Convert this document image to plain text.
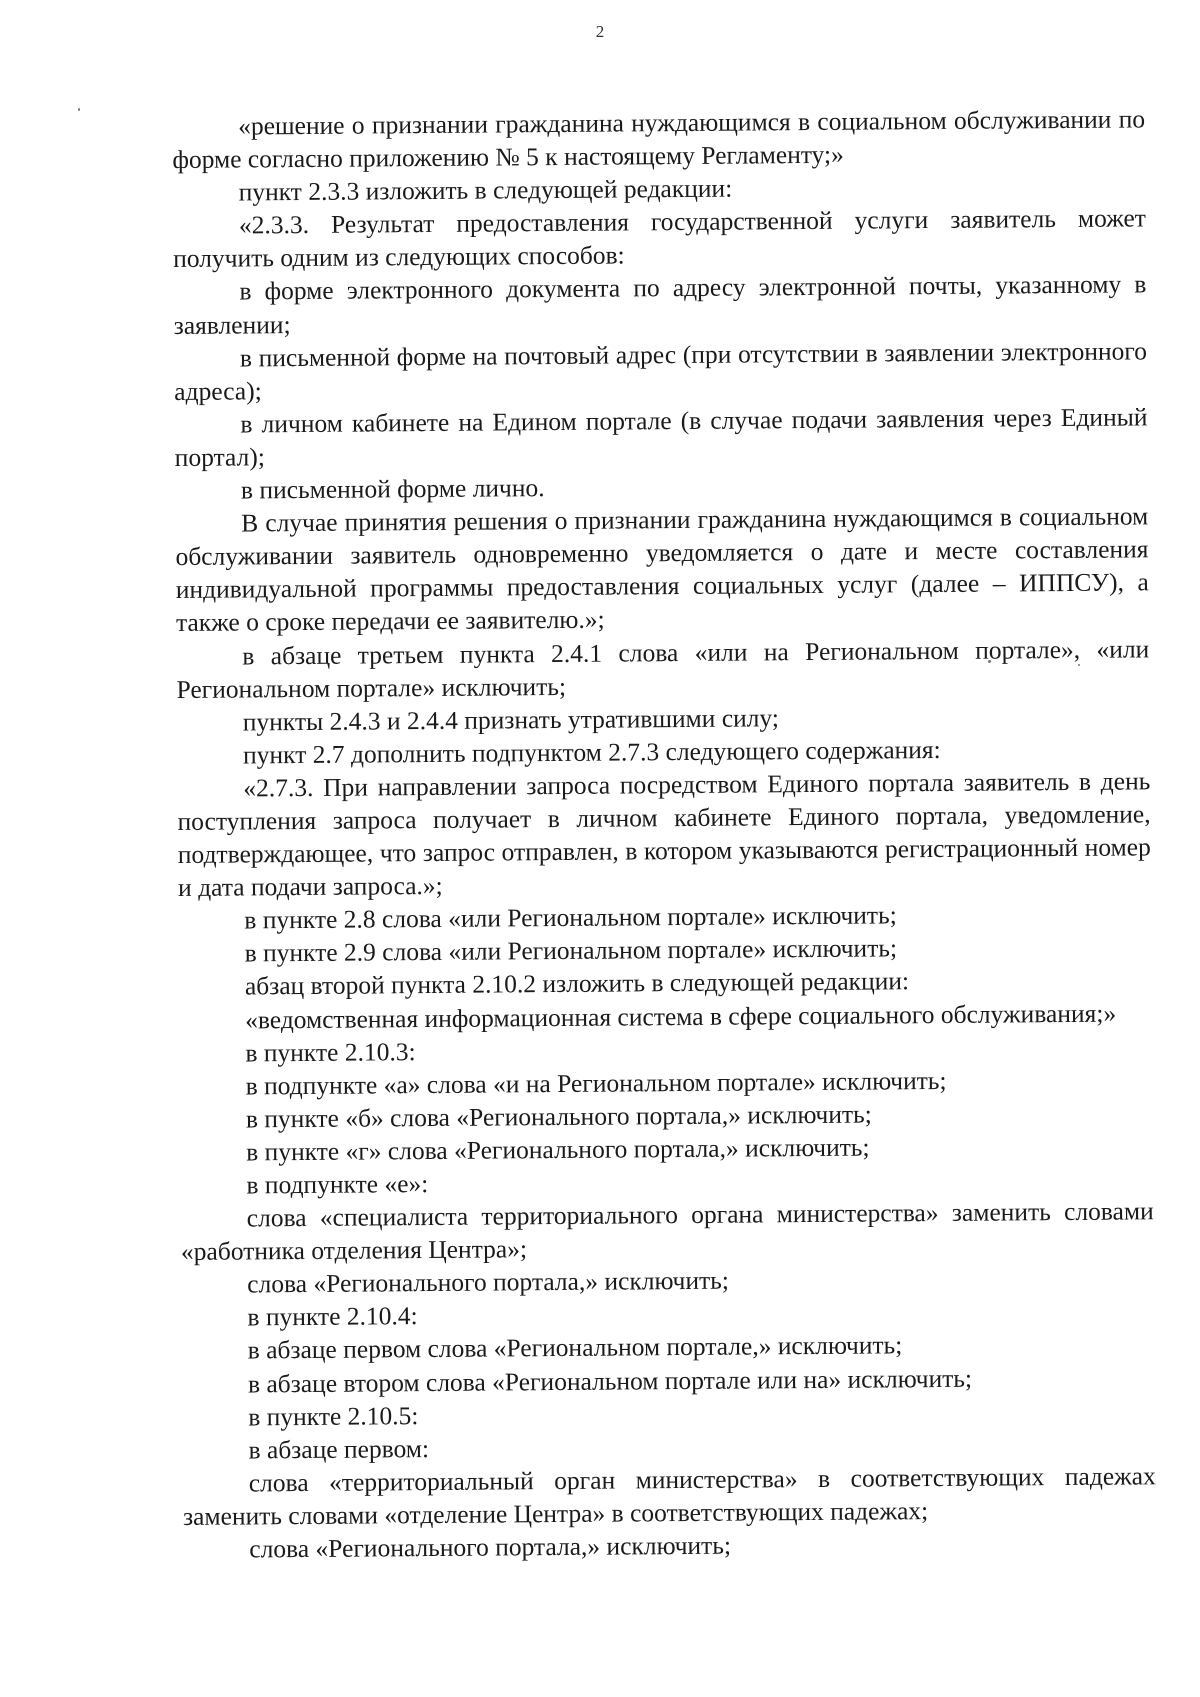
2

«решение о признании гражданина нуждающимся в социальном обслуживании по форме согласно приложению № 5 к настоящему Регламенту;»

пункт 2.3.3 изложить в следующей редакции:

«2.3.3. Результат предоставления государственной услуги заявитель может получить одним из следующих способов:

в форме электронного документа по адресу электронной почты, указанному в заявлении;

в письменной форме на почтовый адрес (при отсутствии в заявлении электронного адреса);

в личном кабинете на Едином портале (в случае подачи заявления через Единый портал);

в письменной форме лично.

В случае принятия решения о признании гражданина нуждающимся в социальном обслуживании заявитель одновременно уведомляется о дате и месте составления индивидуальной программы предоставления социальных услуг (далее – ИППСУ), а также о сроке передачи ее заявителю.»;

в абзаце третьем пункта 2.4.1 слова «или на Региональном портале», «или Региональном портале» исключить;

пункты 2.4.3 и 2.4.4 признать утратившими силу;

пункт 2.7 дополнить подпунктом 2.7.3 следующего содержания:

«2.7.3. При направлении запроса посредством Единого портала заявитель в день поступления запроса получает в личном кабинете Единого портала, уведомление, подтверждающее, что запрос отправлен, в котором указываются регистрационный номер и дата подачи запроса.»;

в пункте 2.8 слова «или Региональном портале» исключить;

в пункте 2.9 слова «или Региональном портале» исключить;

абзац второй пункта 2.10.2 изложить в следующей редакции:

«ведомственная информационная система в сфере социального обслуживания;»

в пункте 2.10.3:

в подпункте «а» слова «и на Региональном портале» исключить;

в пункте «б» слова «Регионального портала,» исключить;

в пункте «г» слова «Регионального портала,» исключить;

в подпункте «е»:

слова «специалиста территориального органа министерства» заменить словами «работника отделения Центра»;

слова «Регионального портала,» исключить;

в пункте 2.10.4:

в абзаце первом слова «Региональном портале,» исключить;

в абзаце втором слова «Региональном портале или на» исключить;

в пункте 2.10.5:

в абзаце первом:

слова «территориальный орган министерства» в соответствующих падежах заменить словами «отделение Центра» в соответствующих падежах;

слова «Регионального портала,» исключить;
